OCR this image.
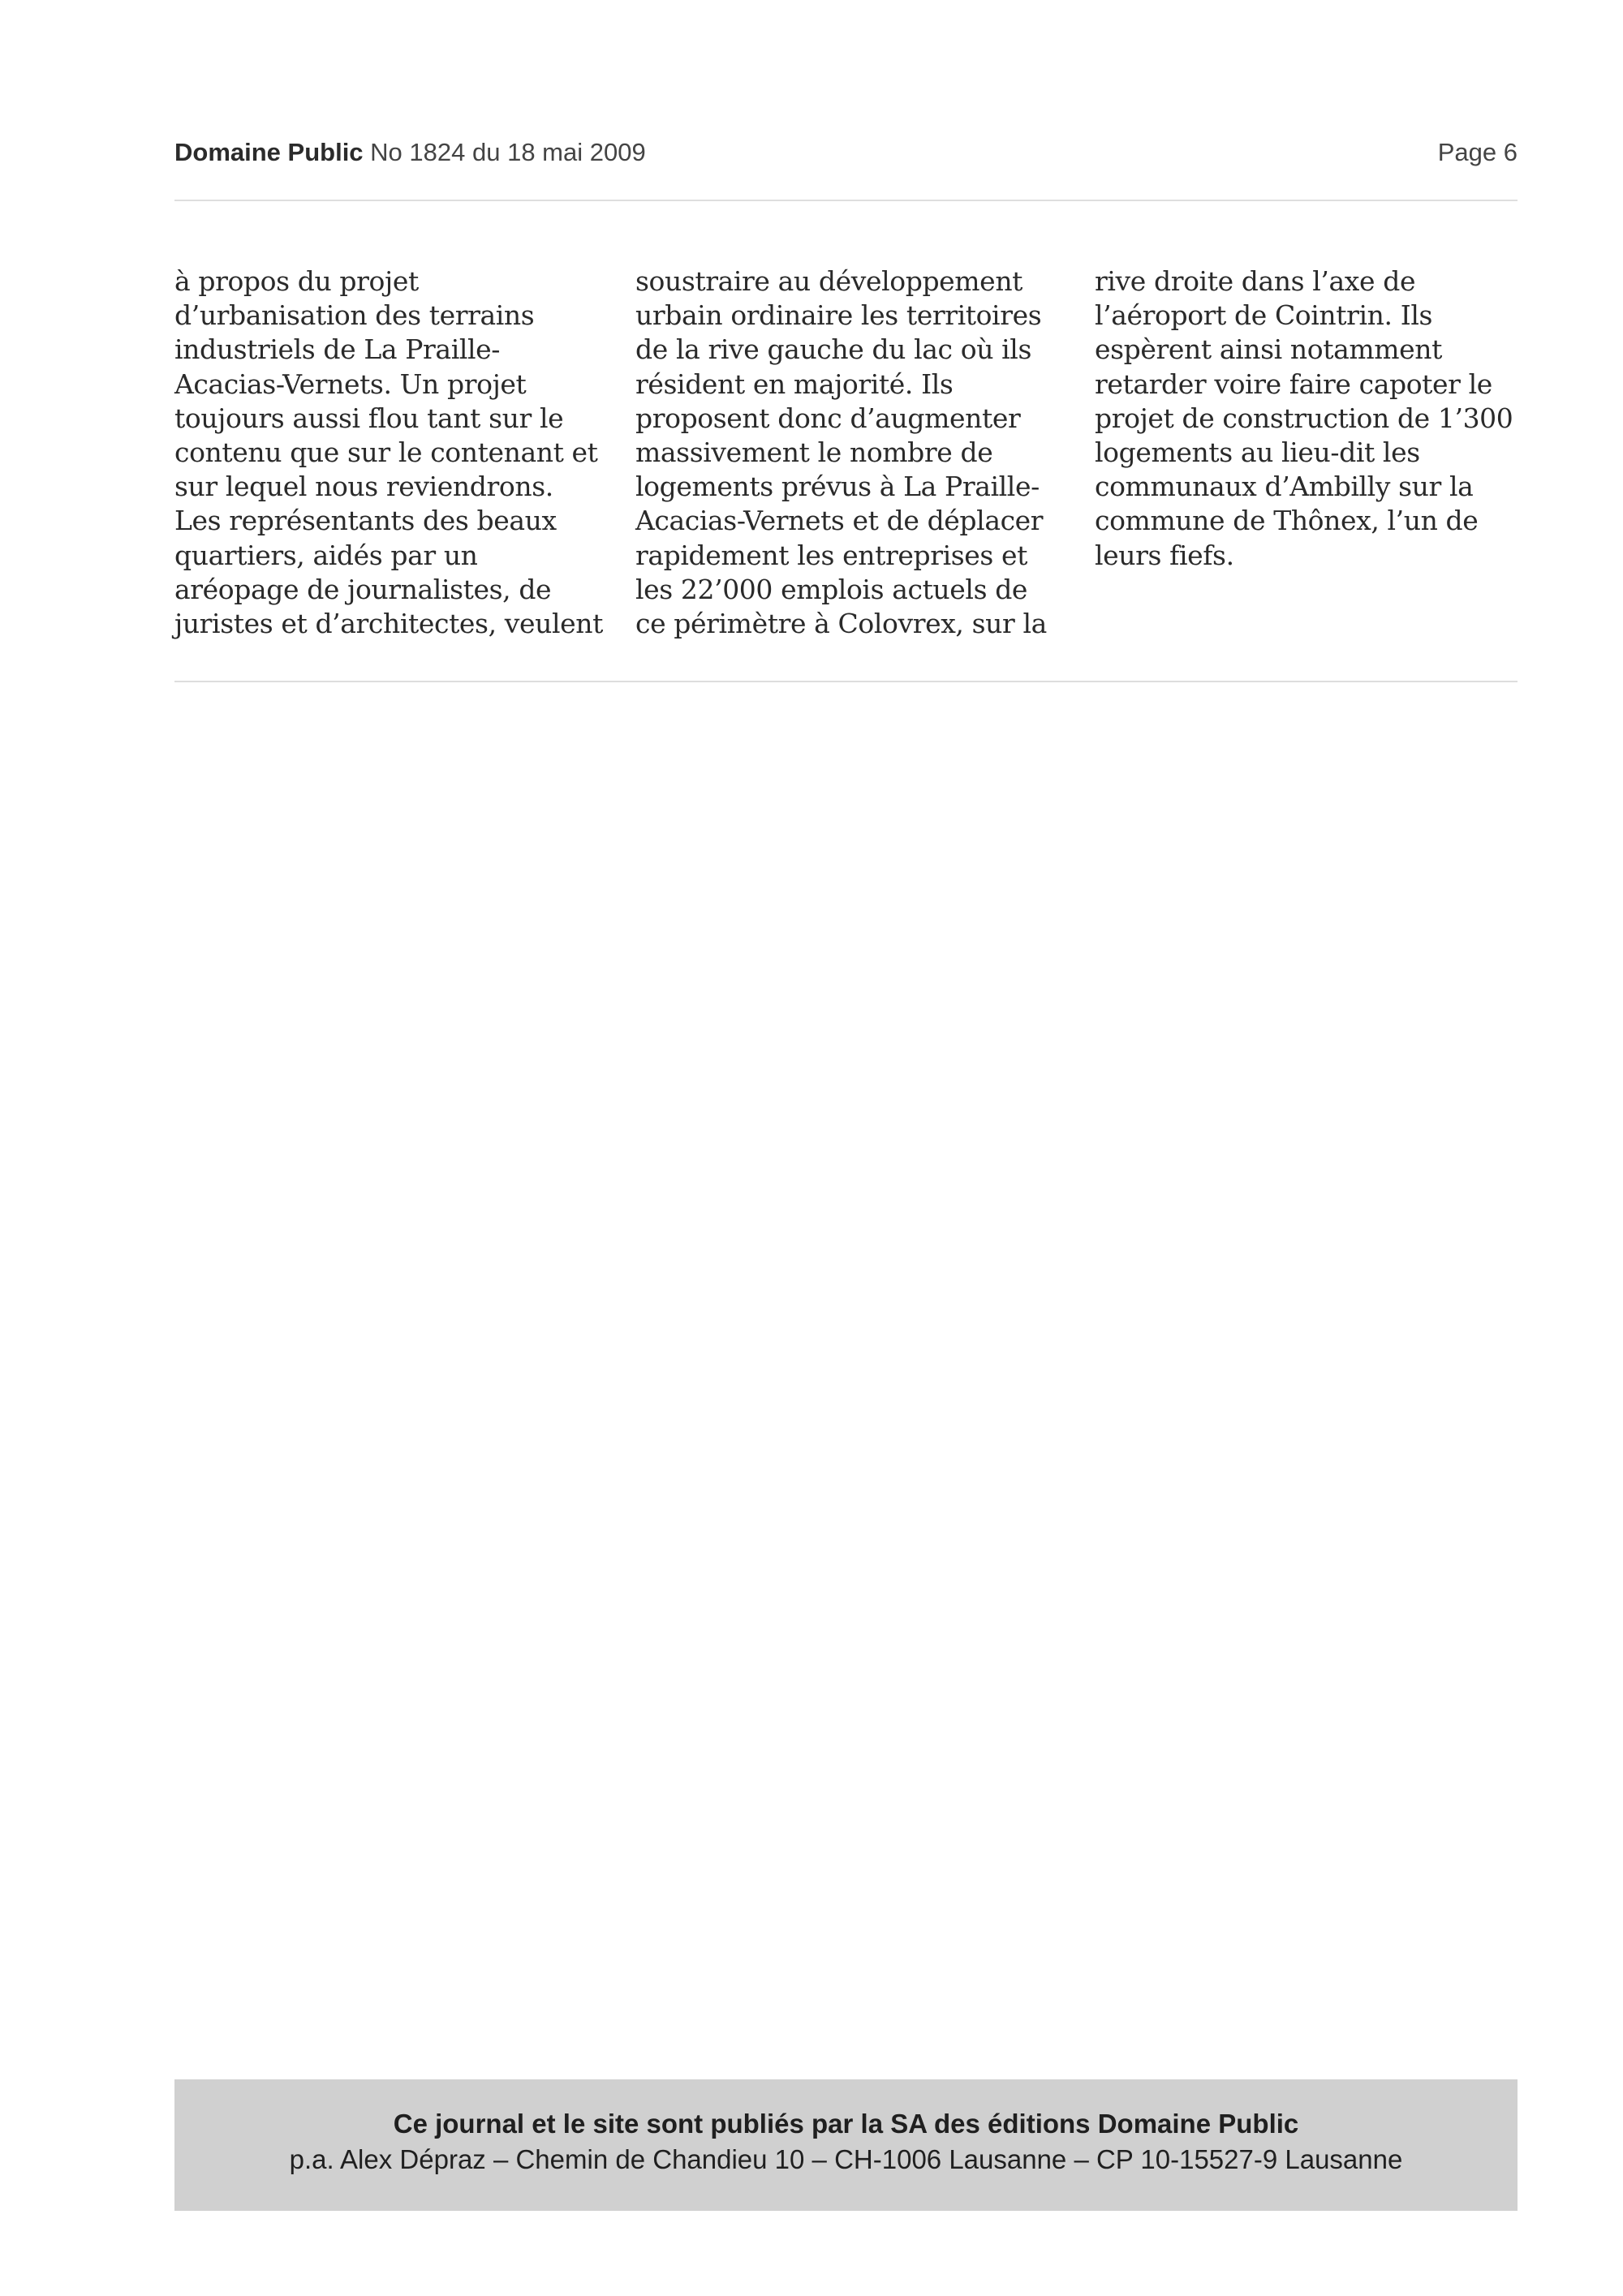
Domaine Public No 1824 du 18 mai 2009	Page 6
à propos du projet
d’urbanisation des terrains
industriels de La Praille-
Acacias-Vernets. Un projet
toujours aussi flou tant sur le
contenu que sur le contenant et
sur lequel nous reviendrons.
Les représentants des beaux
quartiers, aidés par un
aréopage de journalistes, de
juristes et d’architectes, veulent
soustraire au développement
urbain ordinaire les territoires
de la rive gauche du lac où ils
résident en majorité. Ils
proposent donc d’augmenter
massivement le nombre de
logements prévus à La Praille-
Acacias-Vernets et de déplacer
rapidement les entreprises et
les 22’000 emplois actuels de
ce périmètre à Colovrex, sur la
rive droite dans l’axe de
l’aéroport de Cointrin. Ils
espèrent ainsi notamment
retarder voire faire capoter le
projet de construction de 1’300
logements au lieu-dit les
communaux d’Ambilly sur la
commune de Thônex, l’un de
leurs fiefs.
Ce journal et le site sont publiés par la SA des éditions Domaine Public
p.a. Alex Dépraz – Chemin de Chandieu 10 – CH-1006 Lausanne – CP 10-15527-9 Lausanne
